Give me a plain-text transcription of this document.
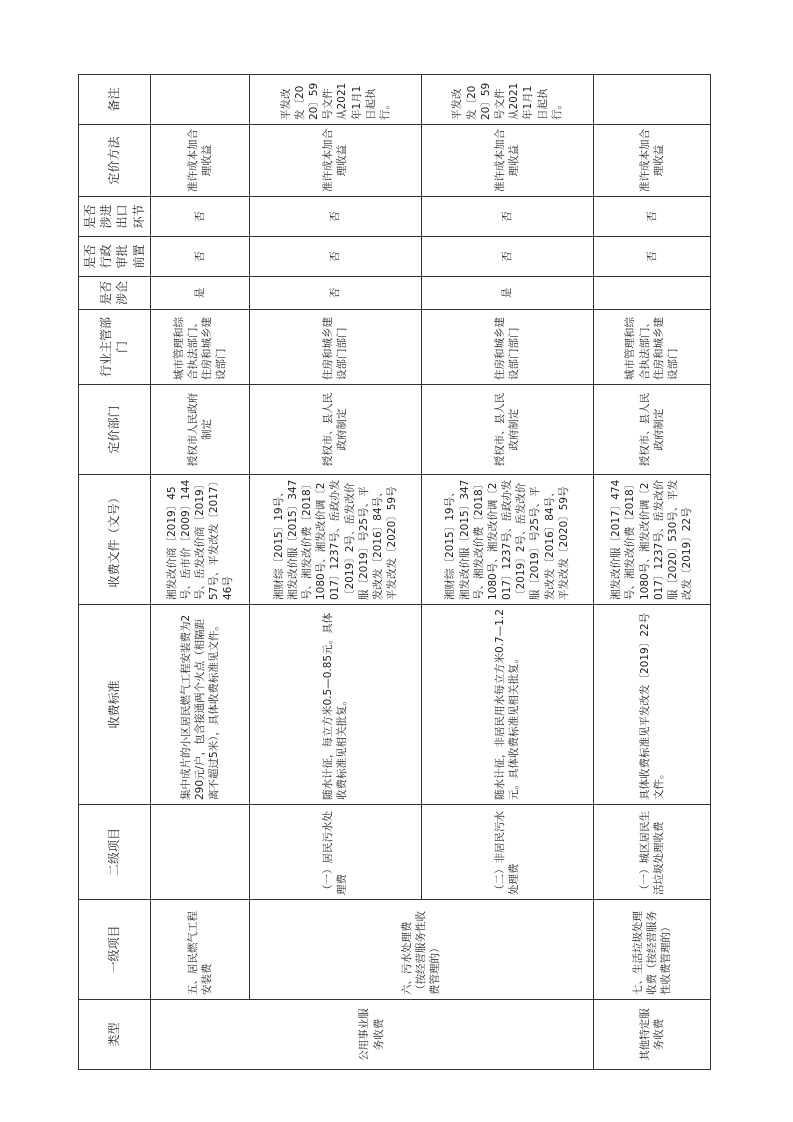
类型	一级项目	二级项目	收费标准	收费文件（文号）	定价部门	行业主管部门	是否涉企	是否行政审批前置	是否涉进出口环节	定价方法	备注
公用事业服务收费	五、居民燃气工程安装费		集中成片的小区居民燃气工程安装费为2290元/户，包含接通两个火点（相隔距离不超过5米），具体收费标准见文件。	湘发改价商〔2019〕45号、岳市价〔2009〕144号、岳发改价商〔2019〕57号、平发改发〔2017〕46号	授权市人民政府制定	城市管理和综合执法部门、住房和城乡建设部门	是	否	否	准许成本加合理收益	
	六、污水处理费（按经营服务性收费管理的）	（一）居民污水处理费	随水计征，每立方米0.5—0.85元。具体收费标准见相关批复。	湘财综〔2015〕19号、湘发改价服〔2015〕347号、湘发改价费〔2018〕1080号、湘发改价调〔2017〕1237号、岳政办发〔2019〕2号、岳发改价服〔2019〕号25号、平发改发〔2016〕84号、平发改发〔2020〕59号	授权市、县人民政府制定	住房和城乡建设部门部门	否	否	否	准许成本加合理收益	平发改发〔2020〕59号文件从2021年1月1日起执行。
		（二）非居民污水处理费	随水计征，非居民用水每立方米0.7—1.2元。具体收费标准见相关批复。	湘财综〔2015〕19号、湘发改价服〔2015〕347号、湘发改价费〔2018〕1080号、湘发改价调〔2017〕1237号、岳政办发〔2019〕2号、岳发改价服〔2019〕号25号、平发改发〔2016〕84号、平发改发〔2020〕59号	授权市、县人民政府制定	住房和城乡建设部门部门	是	否	否	准许成本加合理收益	平发改发〔2020〕59号文件从2021年1月1日起执行。
其他特定服务收费	七、生活垃圾处理收费（按经营服务性收费管理的）	（一）城区居民生活垃圾处理收费	具体收费标准见平发改发〔2019〕22号文件。	湘发改价服〔2017〕474号、湘发改价费〔2018〕1080号、湘发改价调〔2017〕1237号、岳发改价服〔2020〕530号、平发改发〔2019〕22号	授权市、县人民政府制定	城市管理和综合执法部门、住房和城乡建设部门		否	否	准许成本加合理收益	
